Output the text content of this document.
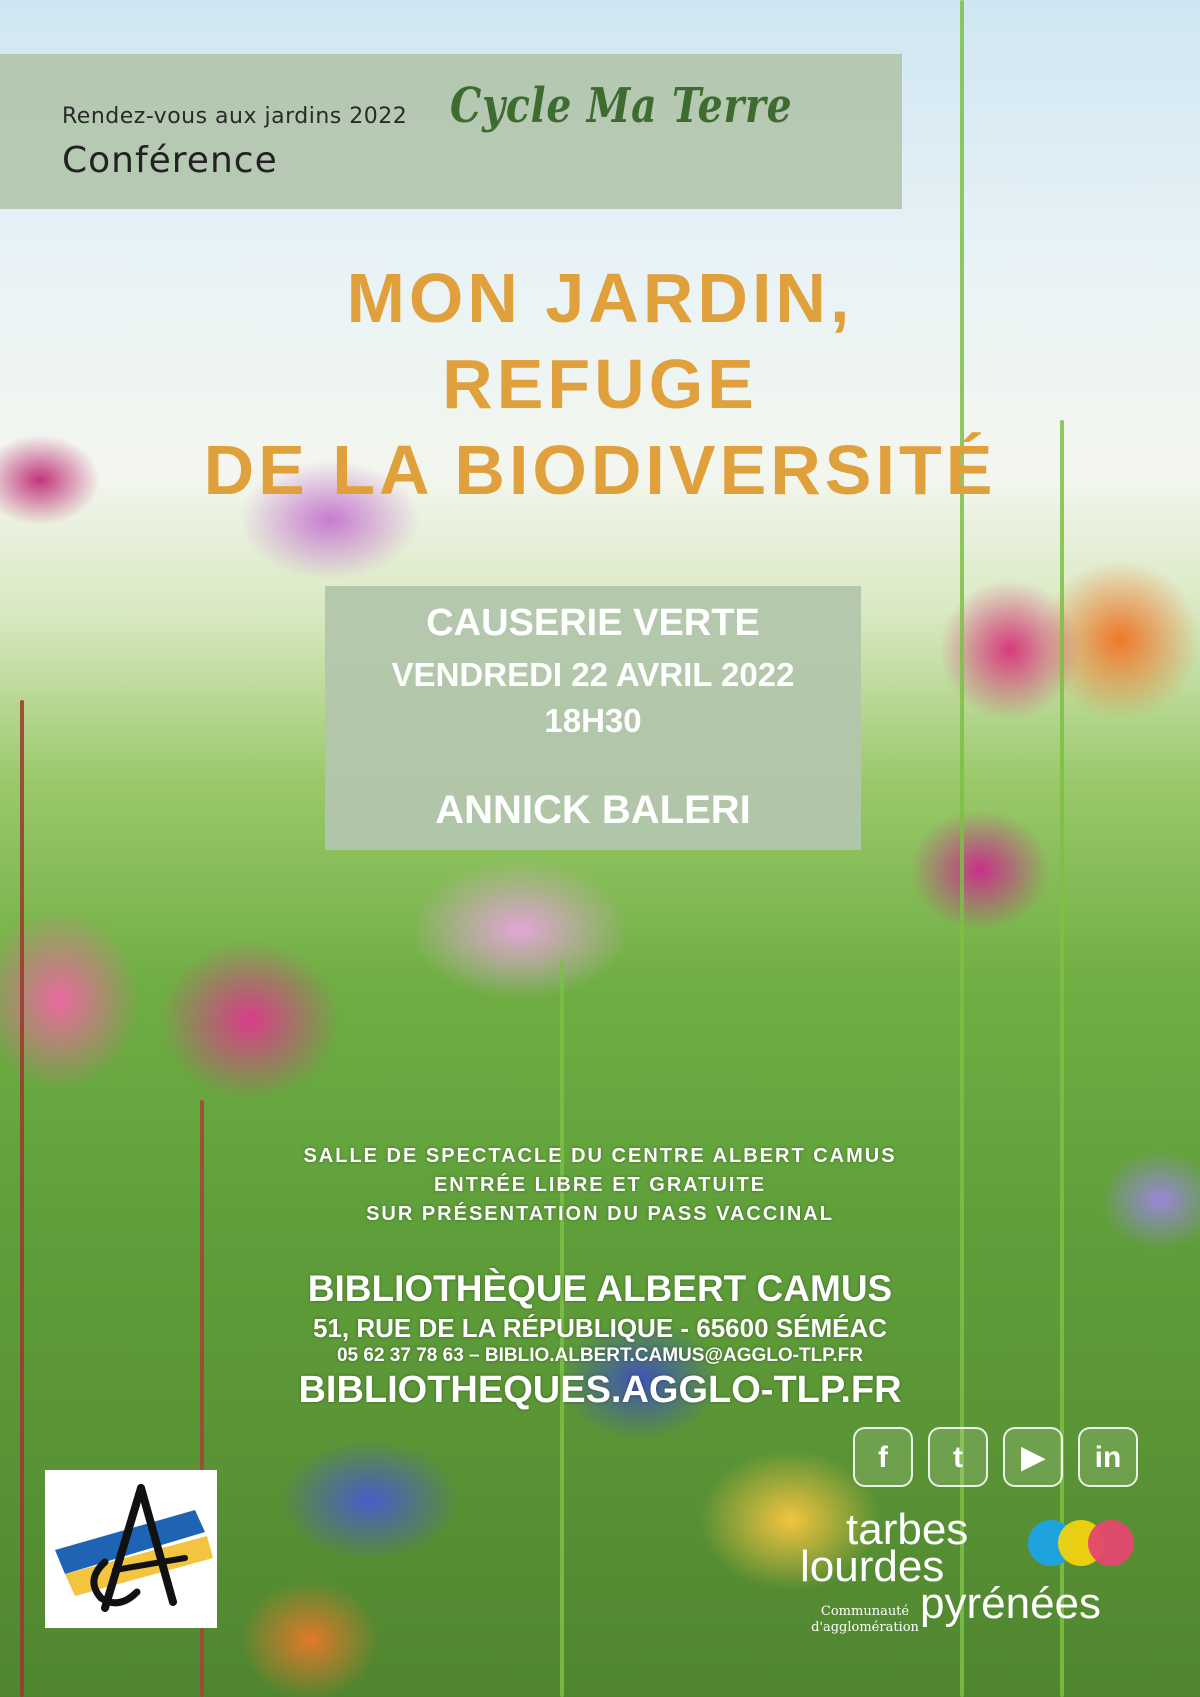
Rendez-vous aux jardins 2022 Cycle Ma Terre
Conférence
MON JARDIN,
REFUGE
DE LA BIODIVERSITÉ
CAUSERIE VERTE
VENDREDI 22 AVRIL 2022
18H30
ANNICK BALERI
SALLE DE SPECTACLE DU CENTRE ALBERT CAMUS
ENTRÉE LIBRE ET GRATUITE
SUR PRÉSENTATION DU PASS VACCINAL
BIBLIOTHÈQUE ALBERT CAMUS
51, RUE DE LA RÉPUBLIQUE - 65600 SÉMÉAC
05 62 37 78 63 – BIBLIO.ALBERT.CAMUS@AGGLO-TLP.FR
BIBLIOTHEQUES.AGGLO-TLP.FR
f	t	▶	in
tarbes
lourdes
pyrénées
Communauté
d'agglomération
